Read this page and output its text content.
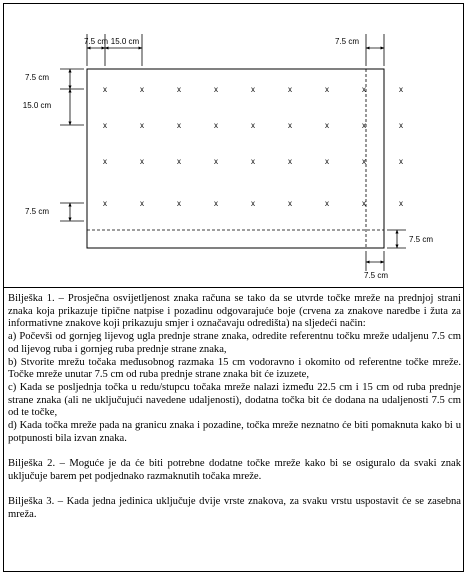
x	x	x	x	x	x	x	x	x
x	x	x	x	x	x	x	x	x
x	x	x	x	x	x	x	x	x
x	x	x	x	x	x	x	x	x
7.5 cm 15.0 cm	7.5 cm
7.5 cm
15.0 cm
7.5 cm
7.5 cm
7.5 cm

Bilješka 1. – Prosječna osvijetljenost znaka računa se tako da se utvrde točke mreže na prednjoj strani znaka koja prikazuje tipične natpise i pozadinu odgovarajuće boje (crvena za znakove naredbe i žuta za informativne znakove koji prikazuju smjer i označavaju odredišta) na sljedeći način:

a) Počevši od gornjeg lijevog ugla prednje strane znaka, odredite referentnu točku mreže udaljenu 7.5 cm od lijevog ruba i gornjeg ruba prednje strane znaka,

b) Stvorite mrežu točaka međusobnog razmaka 15 cm vodoravno i okomito od referentne točke mreže. Točke mreže unutar 7.5 cm od ruba prednje strane znaka bit će izuzete,

c) Kada se posljednja točka u redu/stupcu točaka mreže nalazi između 22.5 cm i 15 cm od ruba prednje strane znaka (ali ne uključujući navedene udaljenosti), dodatna točka bit će dodana na udaljenosti 7.5 cm od te točke,

d) Kada točka mreže pada na granicu znaka i pozadine, točka mreže neznatno će biti pomaknuta kako bi u potpunosti bila izvan znaka.

Bilješka 2. – Moguće je da će biti potrebne dodatne točke mreže kako bi se osiguralo da svaki znak uključuje barem pet podjednako razmaknutih točaka mreže.

Bilješka 3. – Kada jedna jedinica uključuje dvije vrste znakova, za svaku vrstu uspostavit će se zasebna mreža.
